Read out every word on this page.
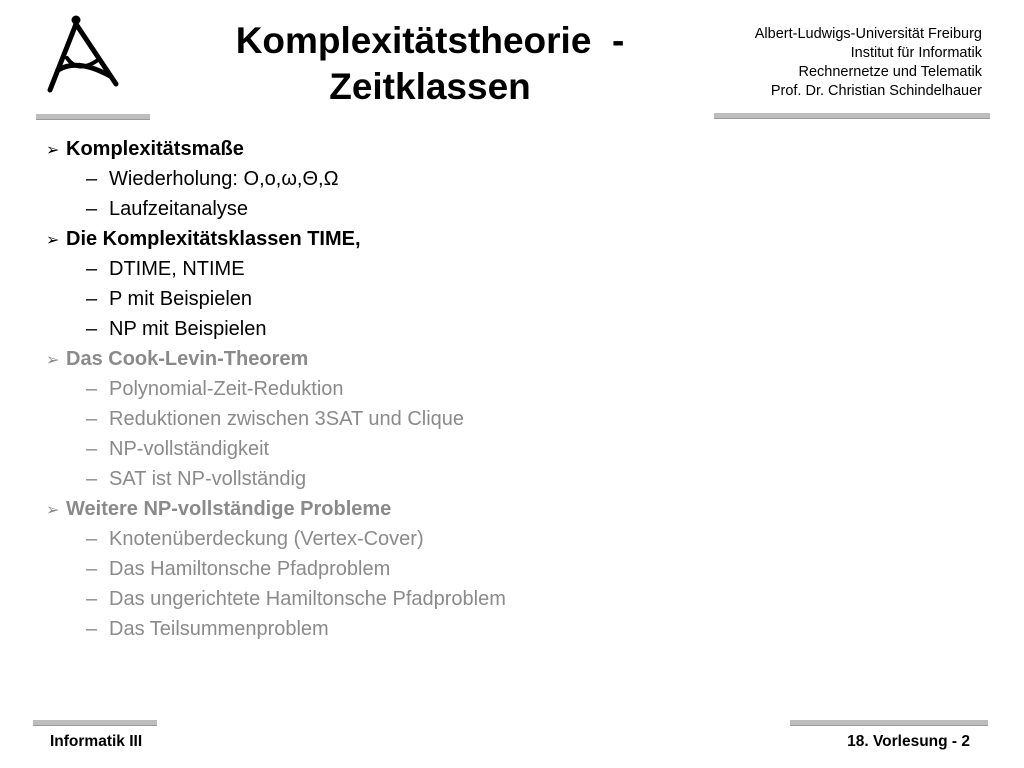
Komplexitätstheorie  -
Zeitklassen
Albert-Ludwigs-Universität Freiburg
Institut für Informatik
Rechnernetze und Telematik
Prof. Dr. Christian Schindelhauer
➢ Komplexitätsmaße
– Wiederholung: O,o,ω,Θ,Ω
– Laufzeitanalyse
➢ Die Komplexitätsklassen TIME,
– DTIME, NTIME
– P mit Beispielen
– NP mit Beispielen
➢ Das Cook-Levin-Theorem
– Polynomial-Zeit-Reduktion
– Reduktionen zwischen 3SAT und Clique
– NP-vollständigkeit
– SAT ist NP-vollständig
➢ Weitere NP-vollständige Probleme
– Knotenüberdeckung (Vertex-Cover)
– Das Hamiltonsche Pfadproblem
– Das ungerichtete Hamiltonsche Pfadproblem
– Das Teilsummenproblem
Informatik III	18. Vorlesung - 2
